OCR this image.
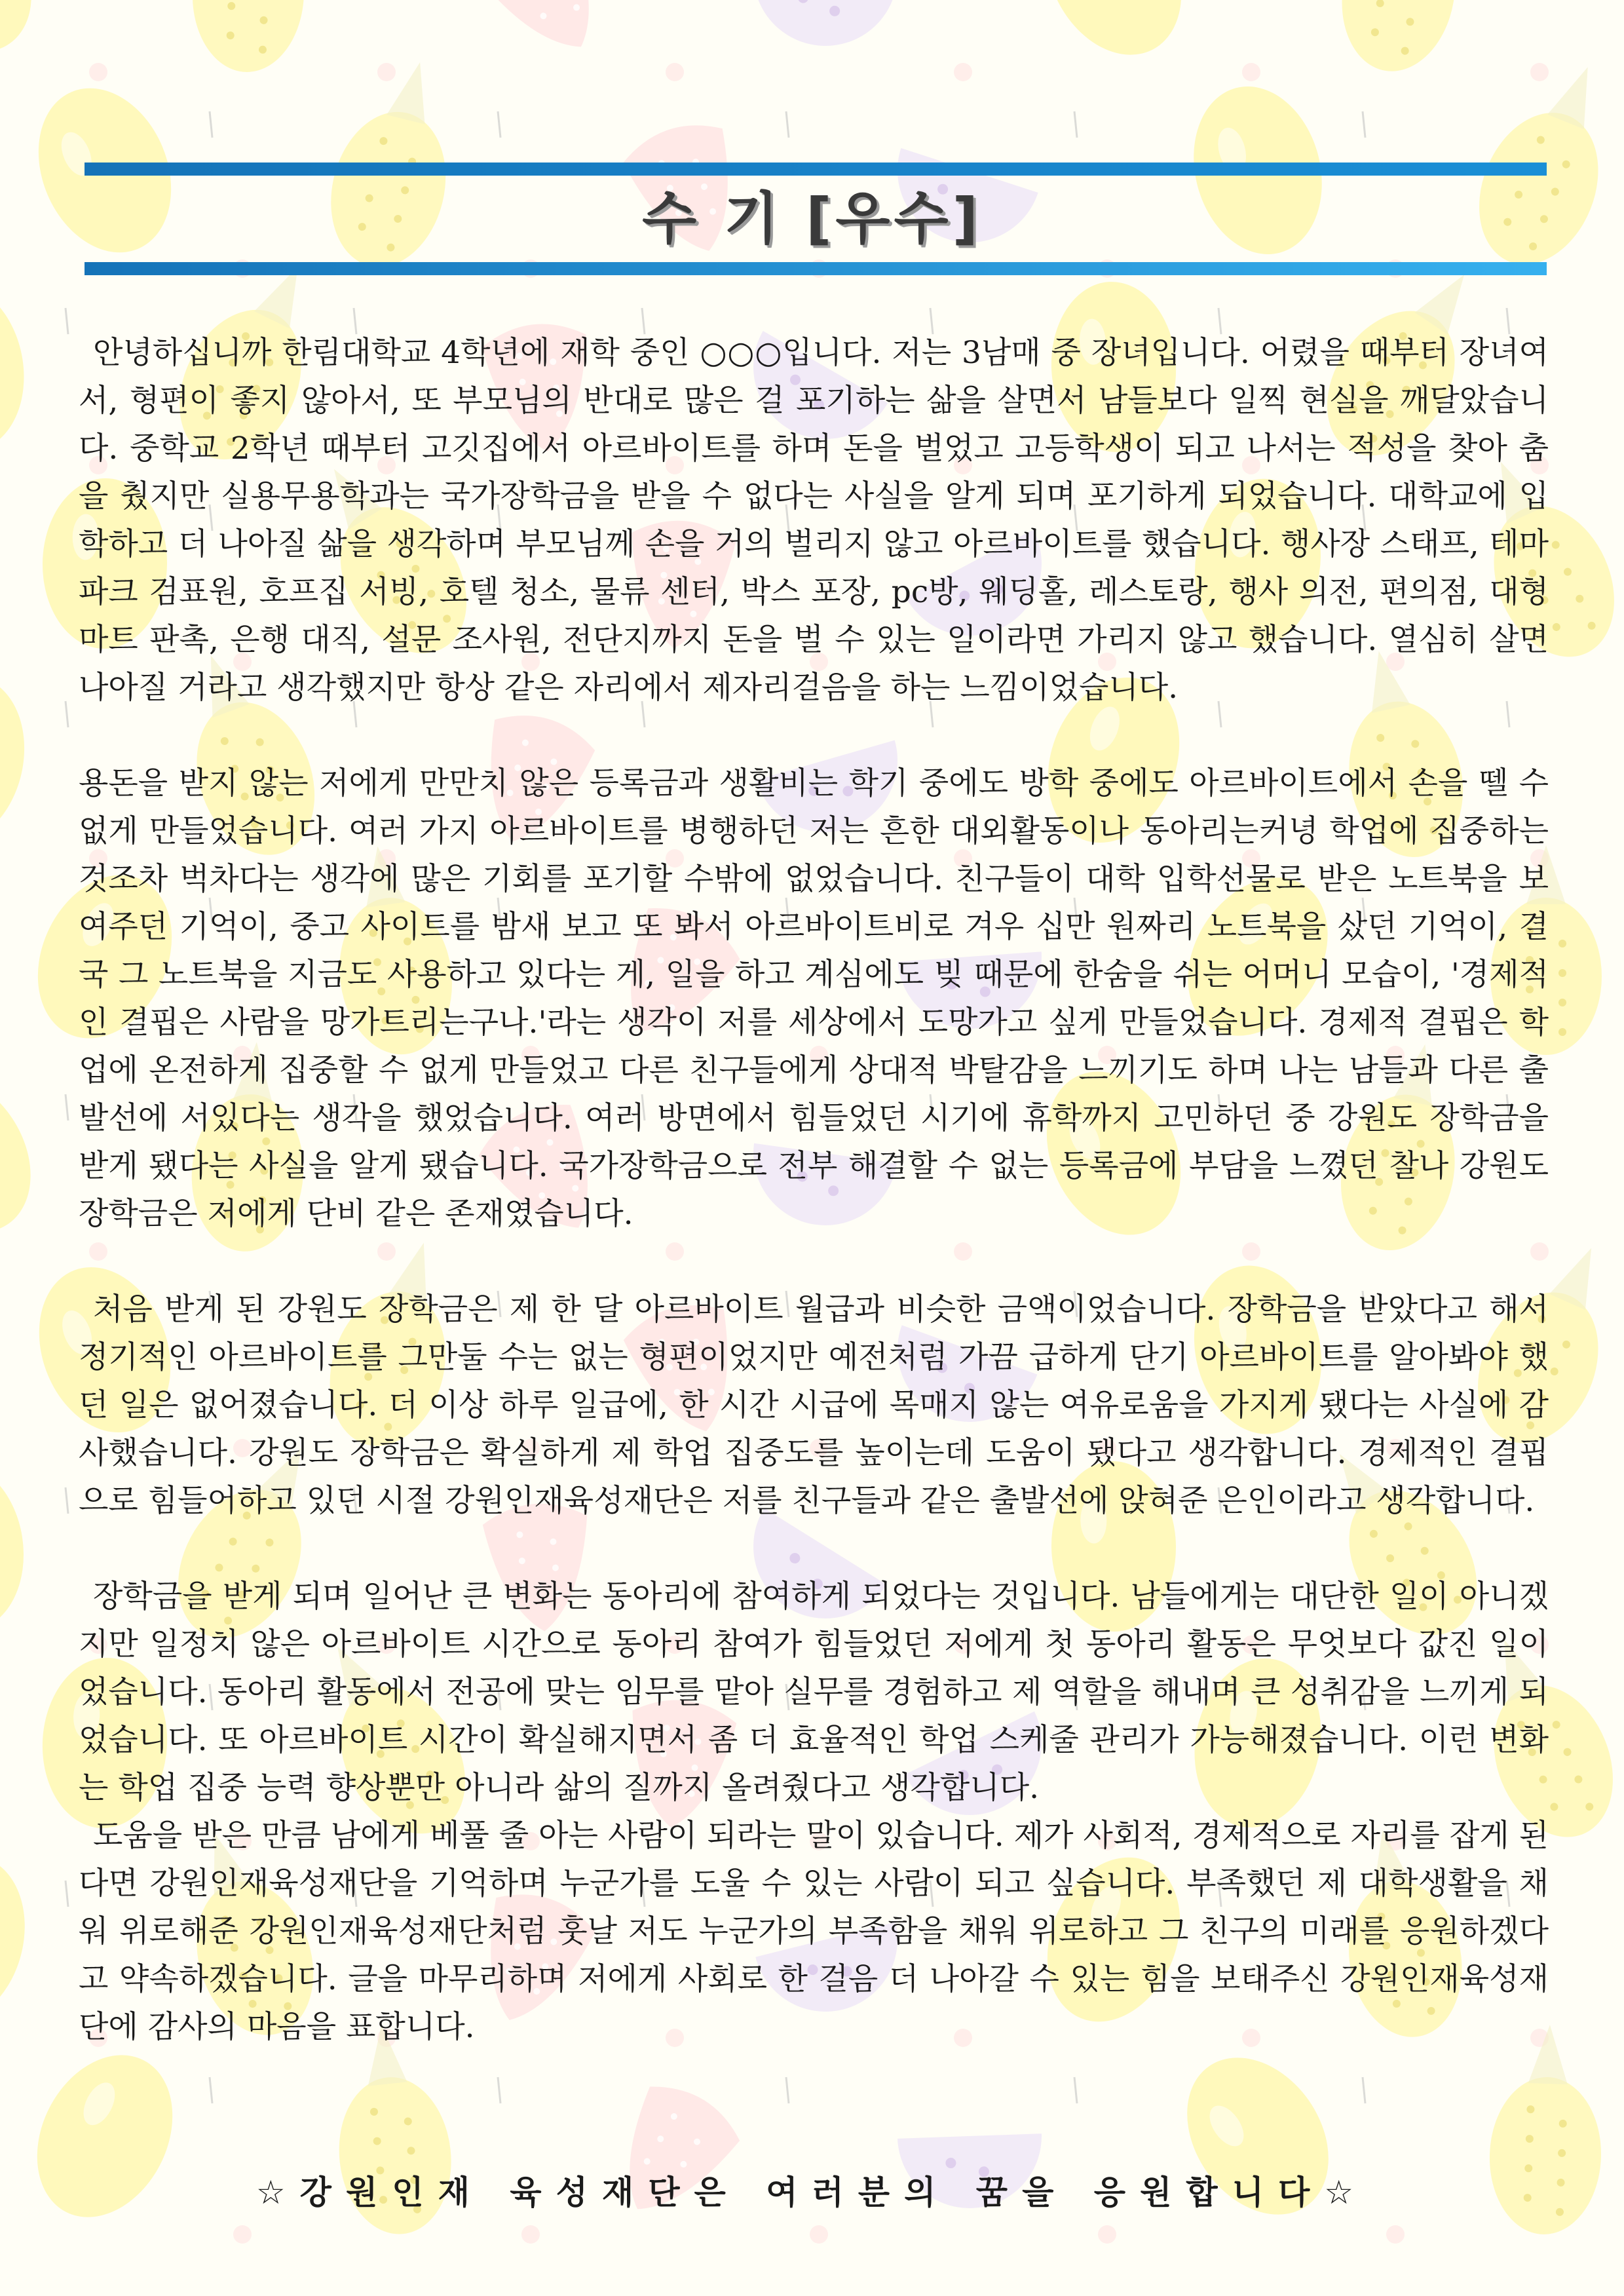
수 기 [우수]

안녕하십니까 한림대학교 4학년에 재학 중인 ○○○입니다. 저는 3남매 중 장녀입니다. 어렸을 때부터 장녀여서, 형편이 좋지 않아서, 또 부모님의 반대로 많은 걸 포기하는 삶을 살면서 남들보다 일찍 현실을 깨달았습니다. 중학교 2학년 때부터 고깃집에서 아르바이트를 하며 돈을 벌었고 고등학생이 되고 나서는 적성을 찾아 춤을 췄지만 실용무용학과는 국가장학금을 받을 수 없다는 사실을 알게 되며 포기하게 되었습니다. 대학교에 입학하고 더 나아질 삶을 생각하며 부모님께 손을 거의 벌리지 않고 아르바이트를 했습니다. 행사장 스태프, 테마파크 검표원, 호프집 서빙, 호텔 청소, 물류 센터, 박스 포장, pc방, 웨딩홀, 레스토랑, 행사 의전, 편의점, 대형마트 판촉, 은행 대직, 설문 조사원, 전단지까지 돈을 벌 수 있는 일이라면 가리지 않고 했습니다. 열심히 살면 나아질 거라고 생각했지만 항상 같은 자리에서 제자리걸음을 하는 느낌이었습니다.

용돈을 받지 않는 저에게 만만치 않은 등록금과 생활비는 학기 중에도 방학 중에도 아르바이트에서 손을 뗄 수 없게 만들었습니다. 여러 가지 아르바이트를 병행하던 저는 흔한 대외활동이나 동아리는커녕 학업에 집중하는 것조차 벅차다는 생각에 많은 기회를 포기할 수밖에 없었습니다. 친구들이 대학 입학선물로 받은 노트북을 보여주던 기억이, 중고 사이트를 밤새 보고 또 봐서 아르바이트비로 겨우 십만 원짜리 노트북을 샀던 기억이, 결국 그 노트북을 지금도 사용하고 있다는 게, 일을 하고 계심에도 빚 때문에 한숨을 쉬는 어머니 모습이, '경제적인 결핍은 사람을 망가트리는구나.'라는 생각이 저를 세상에서 도망가고 싶게 만들었습니다. 경제적 결핍은 학업에 온전하게 집중할 수 없게 만들었고 다른 친구들에게 상대적 박탈감을 느끼기도 하며 나는 남들과 다른 출발선에 서있다는 생각을 했었습니다. 여러 방면에서 힘들었던 시기에 휴학까지 고민하던 중 강원도 장학금을 받게 됐다는 사실을 알게 됐습니다. 국가장학금으로 전부 해결할 수 없는 등록금에 부담을 느꼈던 찰나 강원도 장학금은 저에게 단비 같은 존재였습니다.

처음 받게 된 강원도 장학금은 제 한 달 아르바이트 월급과 비슷한 금액이었습니다. 장학금을 받았다고 해서 정기적인 아르바이트를 그만둘 수는 없는 형편이었지만 예전처럼 가끔 급하게 단기 아르바이트를 알아봐야 했던 일은 없어졌습니다. 더 이상 하루 일급에, 한 시간 시급에 목매지 않는 여유로움을 가지게 됐다는 사실에 감사했습니다. 강원도 장학금은 확실하게 제 학업 집중도를 높이는데 도움이 됐다고 생각합니다. 경제적인 결핍으로 힘들어하고 있던 시절 강원인재육성재단은 저를 친구들과 같은 출발선에 앉혀준 은인이라고 생각합니다.

장학금을 받게 되며 일어난 큰 변화는 동아리에 참여하게 되었다는 것입니다. 남들에게는 대단한 일이 아니겠지만 일정치 않은 아르바이트 시간으로 동아리 참여가 힘들었던 저에게 첫 동아리 활동은 무엇보다 값진 일이었습니다. 동아리 활동에서 전공에 맞는 임무를 맡아 실무를 경험하고 제 역할을 해내며 큰 성취감을 느끼게 되었습니다. 또 아르바이트 시간이 확실해지면서 좀 더 효율적인 학업 스케줄 관리가 가능해졌습니다. 이런 변화는 학업 집중 능력 향상뿐만 아니라 삶의 질까지 올려줬다고 생각합니다.

도움을 받은 만큼 남에게 베풀 줄 아는 사람이 되라는 말이 있습니다. 제가 사회적, 경제적으로 자리를 잡게 된다면 강원인재육성재단을 기억하며 누군가를 도울 수 있는 사람이 되고 싶습니다. 부족했던 제 대학생활을 채워 위로해준 강원인재육성재단처럼 훗날 저도 누군가의 부족함을 채워 위로하고 그 친구의 미래를 응원하겠다고 약속하겠습니다. 글을 마무리하며 저에게 사회로 한 걸음 더 나아갈 수 있는 힘을 보태주신 강원인재육성재단에 감사의 마음을 표합니다.

☆강원인재 육성재단은 여러분의 꿈을 응원합니다☆
